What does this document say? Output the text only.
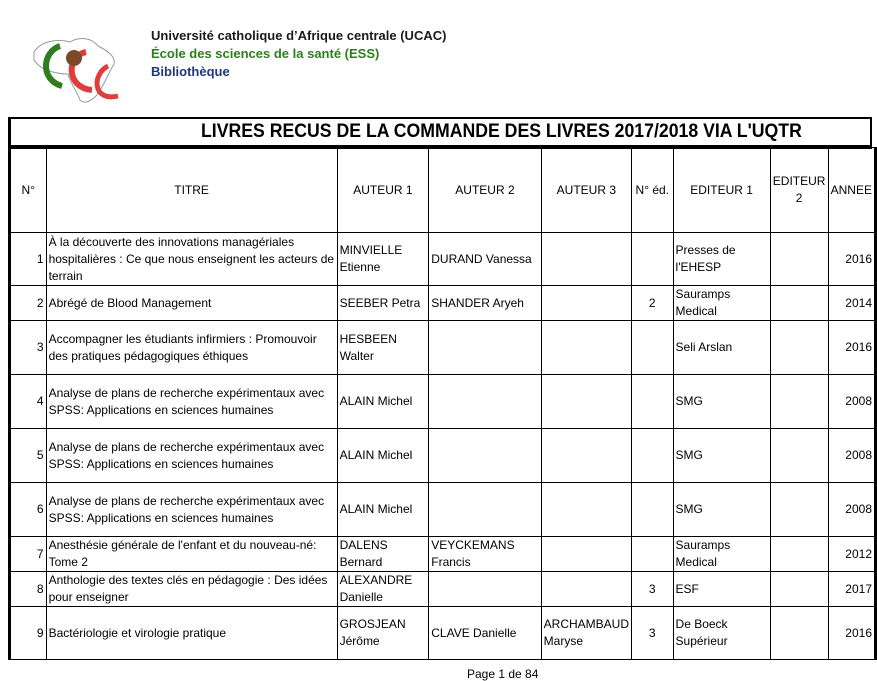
Université catholique d’Afrique centrale (UCAC)
École des sciences de la santé (ESS)
Bibliothèque
LIVRES RECUS DE LA COMMANDE DES LIVRES 2017/2018 VIA L'UQTR
N°	TITRE	AUTEUR 1	AUTEUR 2	AUTEUR 3	N° éd.	EDITEUR 1	EDITEUR 2	ANNEE
1	À la découverte des innovations managériales hospitalières : Ce que nous enseignent les acteurs de terrain	MINVIELLE Etienne	DURAND Vanessa			Presses de l'EHESP		2016
2	Abrégé de Blood Management	SEEBER Petra	SHANDER Aryeh		2	Sauramps Medical		2014
3	Accompagner les étudiants infirmiers : Promouvoir des pratiques pédagogiques éthiques	HESBEEN Walter				Seli Arslan		2016
4	Analyse de plans de recherche expérimentaux avec SPSS: Applications en sciences humaines	ALAIN Michel				SMG		2008
5	Analyse de plans de recherche expérimentaux avec SPSS: Applications en sciences humaines	ALAIN Michel				SMG		2008
6	Analyse de plans de recherche expérimentaux avec SPSS: Applications en sciences humaines	ALAIN Michel				SMG		2008
7	Anesthésie générale de l'enfant et du nouveau-né: Tome 2	DALENS Bernard	VEYCKEMANS Francis			Sauramps Medical		2012
8	Anthologie des textes clés en pédagogie : Des idées pour enseigner	ALEXANDRE Danielle			3	ESF		2017
9	Bactériologie et virologie pratique	GROSJEAN Jérôme	CLAVE Danielle	ARCHAMBAUD Maryse	3	De Boeck Supérieur		2016
Page 1 de 84
